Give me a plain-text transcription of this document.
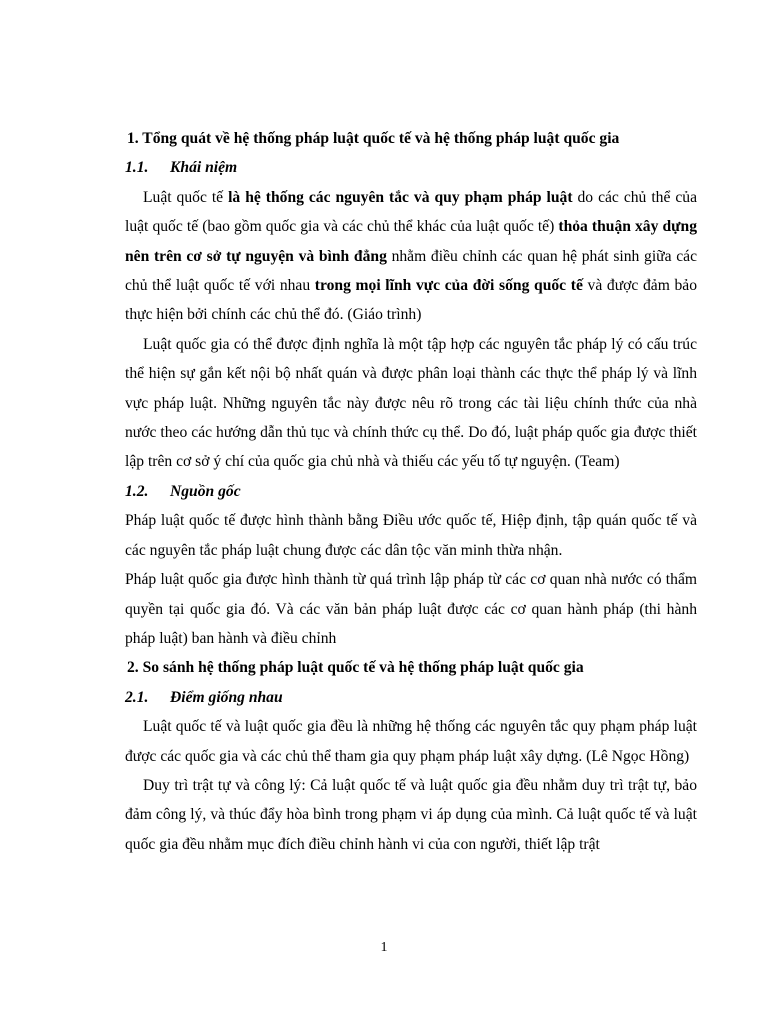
1. Tổng quát về hệ thống pháp luật quốc tế và hệ thống pháp luật quốc gia
1.1. Khái niệm

Luật quốc tế là hệ thống các nguyên tắc và quy phạm pháp luật do các chủ thể của luật quốc tế (bao gồm quốc gia và các chủ thể khác của luật quốc tế) thỏa thuận xây dựng nên trên cơ sở tự nguyện và bình đẳng nhằm điều chỉnh các quan hệ phát sinh giữa các chủ thể luật quốc tế với nhau trong mọi lĩnh vực của đời sống quốc tế và được đảm bảo thực hiện bởi chính các chủ thể đó. (Giáo trình)

Luật quốc gia có thể được định nghĩa là một tập hợp các nguyên tắc pháp lý có cấu trúc thể hiện sự gắn kết nội bộ nhất quán và được phân loại thành các thực thể pháp lý và lĩnh vực pháp luật. Những nguyên tắc này được nêu rõ trong các tài liệu chính thức của nhà nước theo các hướng dẫn thủ tục và chính thức cụ thể. Do đó, luật pháp quốc gia được thiết lập trên cơ sở ý chí của quốc gia chủ nhà và thiếu các yếu tố tự nguyện. (Team)

1.2. Nguồn gốc

Pháp luật quốc tế được hình thành bằng Điều ước quốc tế, Hiệp định, tập quán quốc tế và các nguyên tắc pháp luật chung được các dân tộc văn minh thừa nhận.

Pháp luật quốc gia được hình thành từ quá trình lập pháp từ các cơ quan nhà nước có thẩm quyền tại quốc gia đó. Và các văn bản pháp luật được các cơ quan hành pháp (thi hành pháp luật) ban hành và điều chỉnh

2. So sánh hệ thống pháp luật quốc tế và hệ thống pháp luật quốc gia
2.1. Điểm giống nhau

Luật quốc tế và luật quốc gia đều là những hệ thống các nguyên tắc quy phạm pháp luật được các quốc gia và các chủ thể tham gia quy phạm pháp luật xây dựng. (Lê Ngọc Hồng)

Duy trì trật tự và công lý: Cả luật quốc tế và luật quốc gia đều nhằm duy trì trật tự, bảo đảm công lý, và thúc đẩy hòa bình trong phạm vi áp dụng của mình. Cả luật quốc tế và luật quốc gia đều nhằm mục đích điều chỉnh hành vi của con người, thiết lập trật

1
